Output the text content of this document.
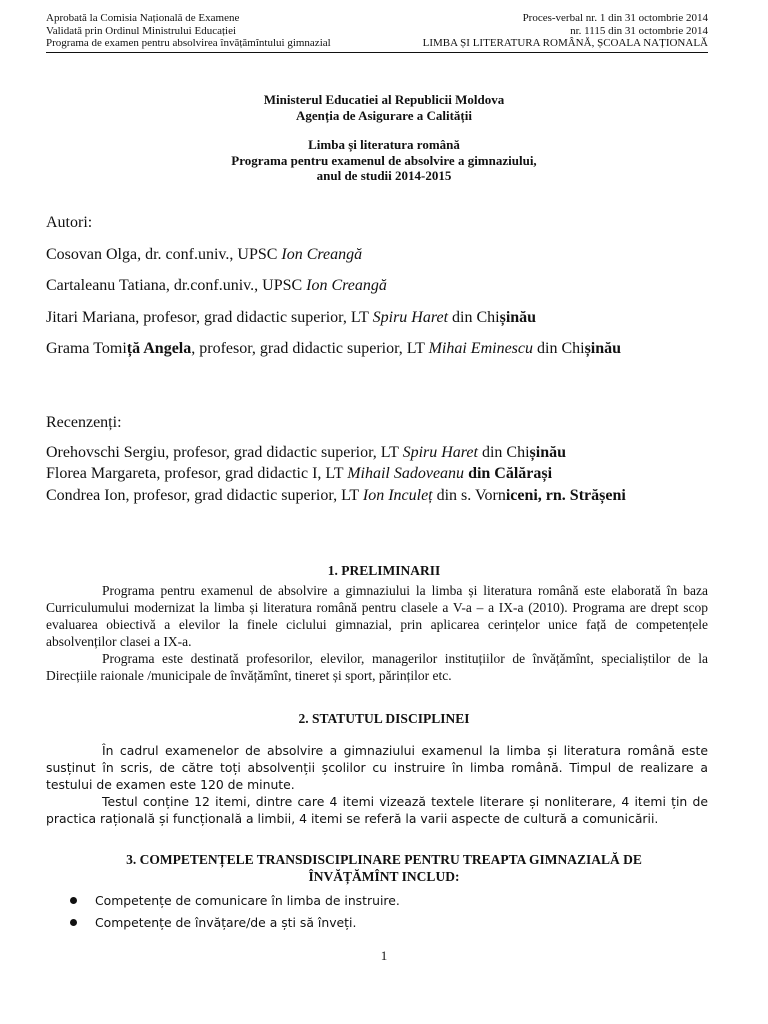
Aprobată la Comisia Națională de Examene	Proces-verbal nr. 1 din 31 octombrie 2014
Validată prin Ordinul Ministrului Educației	nr. 1115 din 31 octombrie 2014
Programa de examen pentru absolvirea învățămîntului gimnazial	LIMBA ȘI LITERATURA ROMÂNĂ, ȘCOALA NAȚIONALĂ
Ministerul Educatiei al Republicii Moldova
Agenția de Asigurare a Calității
Limba și literatura română
Programa pentru examenul de absolvire a gimnaziului,
anul de studii 2014-2015
Autori:
Cosovan Olga, dr. conf.univ., UPSC Ion Creangă
Cartaleanu Tatiana, dr.conf.univ., UPSC Ion Creangă
Jitari Mariana, profesor, grad didactic superior, LT Spiru Haret din Chișinău
Grama Tomiță Angela, profesor, grad didactic superior, LT Mihai Eminescu din Chișinău
Recenzenți:
Orehovschi Sergiu, profesor, grad didactic superior, LT Spiru Haret din Chișinău
Florea Margareta, profesor, grad didactic I, LT Mihail Sadoveanu din Călărași
Condrea Ion, profesor, grad didactic superior, LT Ion Inculeț din s. Vorniceni, rn. Strășeni
1. PRELIMINARII

Programa pentru examenul de absolvire a gimnaziului la limba și literatura română este elaborată în baza Curriculumului modernizat la limba și literatura română pentru clasele a V-a – a IX-a (2010). Programa are drept scop evaluarea obiectivă a elevilor la finele ciclului gimnazial, prin aplicarea cerințelor unice față de competențele absolvenților clasei a IX-a.

Programa este destinată profesorilor, elevilor, managerilor instituțiilor de învățămînt, specialiștilor de la Direcțiile raionale /municipale de învățămînt, tineret și sport, părinților etc.

2. STATUTUL DISCIPLINEI

În cadrul examenelor de absolvire a gimnaziului examenul la limba și literatura română este susținut în scris, de către toți absolvenții școlilor cu instruire în limba română. Timpul de realizare a testului de examen este 120 de minute.

Testul conține 12 itemi, dintre care 4 itemi vizează textele literare și nonliterare, 4 itemi țin de practica rațională și funcțională a limbii, 4 itemi se referă la varii aspecte de cultură a comunicării.

3. COMPETENȚELE TRANSDISCIPLINARE PENTRU TREAPTA GIMNAZIALĂ DE
ÎNVĂȚĂMÎNT INCLUD:
Competențe de comunicare în limba de instruire.
Competențe de învățare/de a ști să înveți.
1
